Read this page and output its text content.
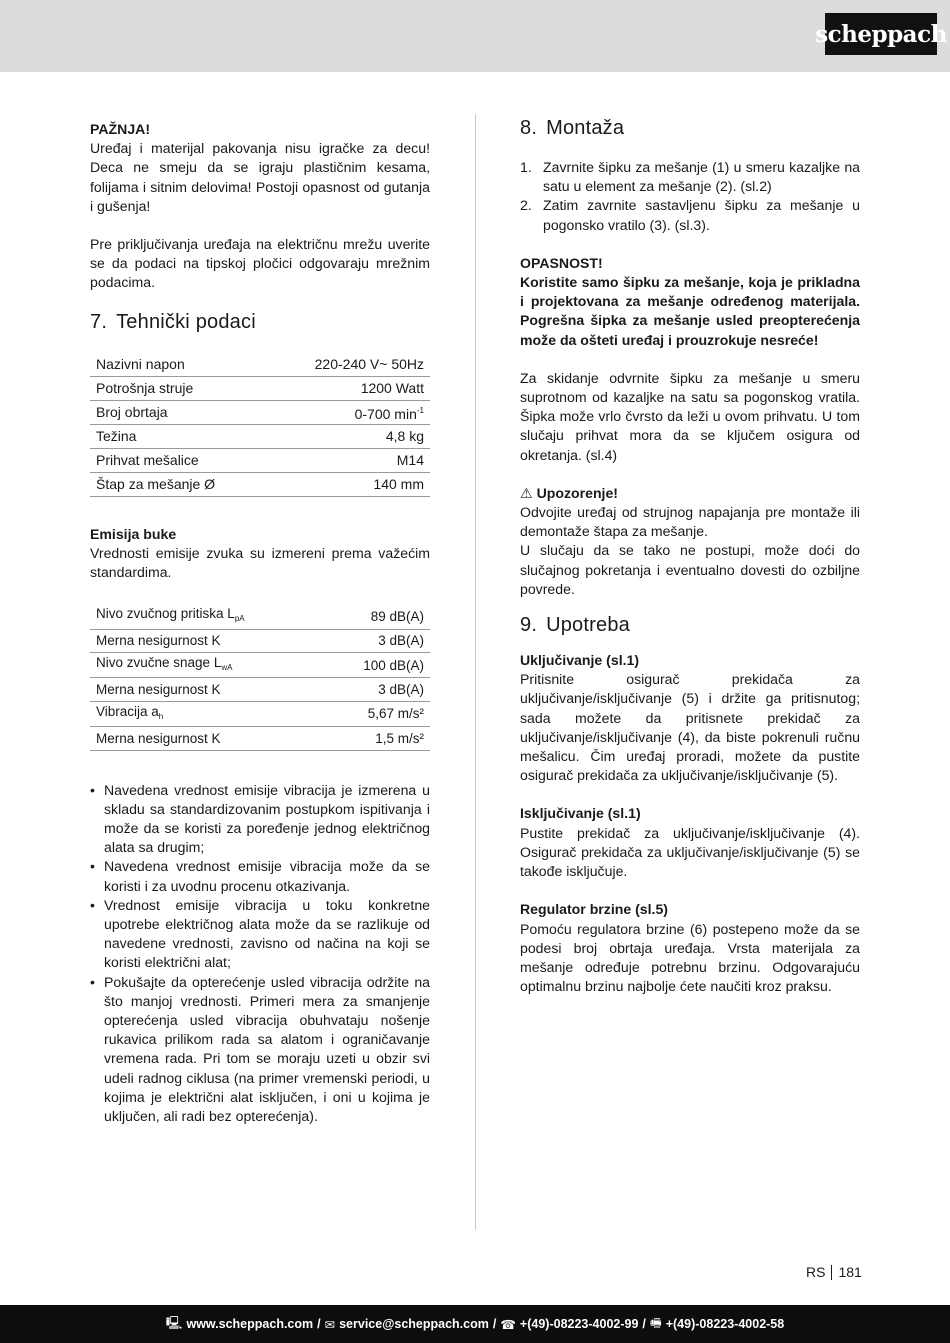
scheppach

PAŽNJA!

Uređaj i materijal pakovanja nisu igračke za decu! Deca ne smeju da se igraju plastičnim kesama, folijama i sitnim delovima! Postoji opasnost od gutanja i gušenja!

Pre priključivanja uređaja na električnu mrežu uverite se da podaci na tipskoj pločici odgovaraju mrežnim podacima.

7. Tehnički podaci
Nazivni napon	220-240 V~ 50Hz
Potrošnja struje	1200 Watt
Broj obrtaja	0-700 $\min^{-1}$
Težina	4,8 kg
Prihvat mešalice	M14
Štap za mešanje Ø	140 mm

Emisija buke

Vrednosti emisije zvuka su izmereni prema važećim standardima.

Nivo zvučnog pritiska $L_{pA}$	89 dB(A)
Merna nesigurnost K	3 dB(A)
Nivo zvučne snage $L_{wA}$	100 dB(A)
Merna nesigurnost K	3 dB(A)
Vibracija $a_h$	5,67 m/s²
Merna nesigurnost K	1,5 m/s²
• Navedena vrednost emisije vibracija je izmerena u skladu sa standardizovanim postupkom ispitivanja i može da se koristi za poređenje jednog električnog alata sa drugim;
• Navedena vrednost emisije vibracija može da se koristi i za uvodnu procenu otkazivanja.
• Vrednost emisije vibracija u toku konkretne upotrebe električnog alata može da se razlikuje od navedene vrednosti, zavisno od načina na koji se koristi električni alat;
• Pokušajte da opterećenje usled vibracija održite na što manjoj vrednosti. Primeri mera za smanjenje opterećenja usled vibracija obuhvataju nošenje rukavica prilikom rada sa alatom i ograničavanje vremena rada. Pri tom se moraju uzeti u obzir svi udeli radnog ciklusa (na primer vremenski periodi, u kojima je električni alat isključen, i oni u kojima je uključen, ali radi bez opterećenja).
8. Montaža
1. Zavrnite šipku za mešanje (1) u smeru kazaljke na satu u element za mešanje (2). (sl.2)
2. Zatim zavrnite sastavljenu šipku za mešanje u pogonsko vratilo (3). (sl.3).

OPASNOST!

Koristite samo šipku za mešanje, koja je prikladna i projektovana za mešanje određenog materijala. Pogrešna šipka za mešanje usled preopterećenja može da ošteti uređaj i prouzrokuje nesreće!

Za skidanje odvrnite šipku za mešanje u smeru suprotnom od kazaljke na satu sa pogonskog vratila. Šipka može vrlo čvrsto da leži u ovom prihvatu. U tom slučaju prihvat mora da se ključem osigura od okretanja. (sl.4)

⚠ Upozorenje!

Odvojite uređaj od strujnog napajanja pre montaže ili demontaže štapa za mešanje.

U slučaju da se tako ne postupi, može doći do slučajnog pokretanja i eventualno dovesti do ozbiljne povrede.

9. Upotreba

Uključivanje (sl.1)

Pritisnite osigurač prekidača za uključivanje/isključivanje (5) i držite ga pritisnutog; sada možete da pritisnete prekidač za uključivanje/isključivanje (4), da biste pokrenuli ručnu mešalicu. Čim uređaj proradi, možete da pustite osigurač prekidača za uključivanje/isključivanje (5).

Isključivanje (sl.1)

Pustite prekidač za uključivanje/isključivanje (4). Osigurač prekidača za uključivanje/isključivanje (5) se takođe isključuje.

Regulator brzine (sl.5)

Pomoću regulatora brzine (6) postepeno može da se podesi broj obrtaja uređaja. Vrsta materijala za mešanje određuje potrebnu brzinu. Odgovarajuću optimalnu brzinu najbolje ćete naučiti kroz praksu.

RS 181
🖳 www.scheppach.com / ✉ service@scheppach.com / ☎ +(49)-08223-4002-99 / 🖷 +(49)-08223-4002-58
